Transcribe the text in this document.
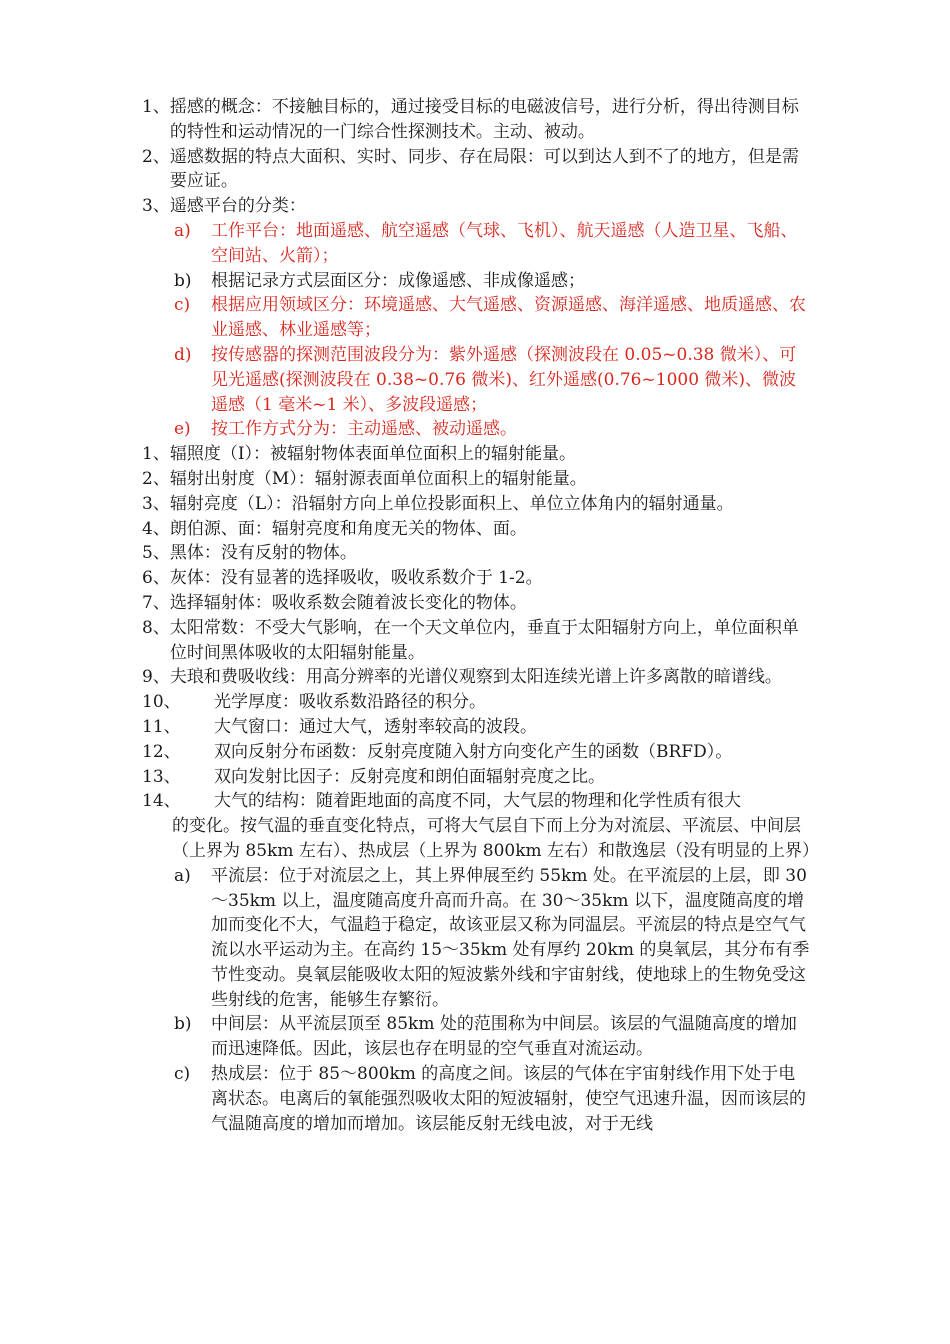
1、 摇感的概念：不接触目标的，通过接受目标的电磁波信号，进行分析，得出待测目标的特性和运动情况的一门综合性探测技术。主动、被动。
2、 遥感数据的特点大面积、实时、同步、存在局限：可以到达人到不了的地方，但是需要应证。
3、 遥感平台的分类：
a)	工作平台：地面遥感、航空遥感（气球、飞机）、航天遥感（人造卫星、飞船、空间站、火箭）；
b)	根据记录方式层面区分：成像遥感、非成像遥感；
c)	根据应用领域区分：环境遥感、大气遥感、资源遥感、海洋遥感、地质遥感、农业遥感、林业遥感等；
d)	按传感器的探测范围波段分为：紫外遥感（探测波段在 0.05~0.38 微米）、可见光遥感(探测波段在 0.38~0.76 微米)、红外遥感(0.76~1000 微米)、微波遥感（1 毫米~1 米）、多波段遥感；
e)	按工作方式分为：主动遥感、被动遥感。
1、 辐照度（I）：被辐射物体表面单位面积上的辐射能量。
2、 辐射出射度（M）：辐射源表面单位面积上的辐射能量。
3、 辐射亮度（L）：沿辐射方向上单位投影面积上、单位立体角内的辐射通量。
4、 朗伯源、面：辐射亮度和角度无关的物体、面。
5、 黑体：没有反射的物体。
6、 灰体：没有显著的选择吸收，吸收系数介于 1-2。
7、 选择辐射体：吸收系数会随着波长变化的物体。
8、 太阳常数：不受大气影响，在一个天文单位内，垂直于太阳辐射方向上，单位面积单位时间黑体吸收的太阳辐射能量。
9、 夫琅和费吸收线：用高分辨率的光谱仪观察到太阳连续光谱上许多离散的暗谱线。
10、	光学厚度：吸收系数沿路径的积分。
11、	大气窗口：通过大气，透射率较高的波段。
12、	双向反射分布函数：反射亮度随入射方向变化产生的函数（BRFD）。
13、	双向发射比因子：反射亮度和朗伯面辐射亮度之比。
14、	大气的结构：随着距地面的高度不同，大气层的物理和化学性质有很大
的变化。按气温的垂直变化特点，可将大气层自下而上分为对流层、平流层、中间层（上界为 85km 左右）、热成层（上界为 800km 左右）和散逸层（没有明显的上界）
a)	平流层：位于对流层之上，其上界伸展至约 55km 处。在平流层的上层，即 30～35km 以上，温度随高度升高而升高。在 30～35km 以下，温度随高度的增加而变化不大，气温趋于稳定，故该亚层又称为同温层。平流层的特点是空气气流以水平运动为主。在高约 15～35km 处有厚约 20km 的臭氧层，其分布有季节性变动。臭氧层能吸收太阳的短波紫外线和宇宙射线，使地球上的生物免受这些射线的危害，能够生存繁衍。
b)	中间层：从平流层顶至 85km 处的范围称为中间层。该层的气温随高度的增加而迅速降低。因此，该层也存在明显的空气垂直对流运动。
c)	热成层：位于 85～800km 的高度之间。该层的气体在宇宙射线作用下处于电离状态。电离后的氧能强烈吸收太阳的短波辐射，使空气迅速升温，因而该层的气温随高度的增加而增加。该层能反射无线电波，对于无线
